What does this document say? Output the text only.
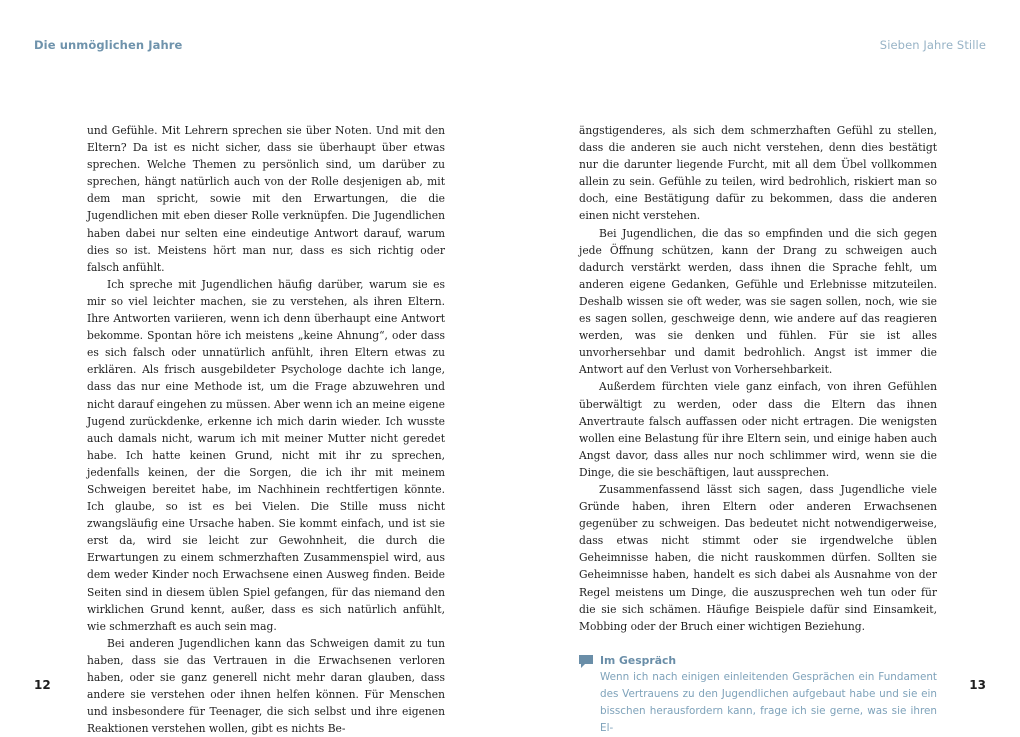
Die unmöglichen Jahre	Sieben Jahre Stille

und Gefühle. Mit Lehrern sprechen sie über Noten. Und mit den Eltern? Da ist es nicht sicher, dass sie überhaupt über etwas sprechen. Welche Themen zu persönlich sind, um darüber zu sprechen, hängt natürlich auch von der Rolle desjenigen ab, mit dem man spricht, sowie mit den Erwartungen, die die Jugendlichen mit eben dieser Rolle verknüpfen. Die Jugendlichen haben dabei nur selten eine eindeutige Antwort darauf, warum dies so ist. Meistens hört man nur, dass es sich richtig oder falsch anfühlt.

Ich spreche mit Jugendlichen häufig darüber, warum sie es mir so viel leichter machen, sie zu verstehen, als ihren Eltern. Ihre Antworten variieren, wenn ich denn überhaupt eine Antwort bekomme. Spontan höre ich meistens „keine Ahnung“, oder dass es sich falsch oder unnatürlich anfühlt, ihren Eltern etwas zu erklären. Als frisch ausgebildeter Psychologe dachte ich lange, dass das nur eine Methode ist, um die Frage abzuwehren und nicht darauf eingehen zu müssen. Aber wenn ich an meine eigene Jugend zurückdenke, erkenne ich mich darin wieder. Ich wusste auch damals nicht, warum ich mit meiner Mutter nicht geredet habe. Ich hatte keinen Grund, nicht mit ihr zu sprechen, jedenfalls keinen, der die Sorgen, die ich ihr mit meinem Schweigen bereitet habe, im Nachhinein rechtfertigen könnte. Ich glaube, so ist es bei Vielen. Die Stille muss nicht zwangsläufig eine Ursache haben. Sie kommt einfach, und ist sie erst da, wird sie leicht zur Gewohnheit, die durch die Erwartungen zu einem schmerzhaften Zusammenspiel wird, aus dem weder Kinder noch Erwachsene einen Ausweg finden. Beide Seiten sind in diesem üblen Spiel gefangen, für das niemand den wirklichen Grund kennt, außer, dass es sich natürlich anfühlt, wie schmerzhaft es auch sein mag.

Bei anderen Jugendlichen kann das Schweigen damit zu tun haben, dass sie das Vertrauen in die Erwachsenen verloren haben, oder sie ganz generell nicht mehr daran glauben, dass andere sie verstehen oder ihnen helfen können. Für Menschen und insbesondere für Teenager, die sich selbst und ihre eigenen Reaktionen verstehen wollen, gibt es nichts Be-

ängstigenderes, als sich dem schmerzhaften Gefühl zu stellen, dass die anderen sie auch nicht verstehen, denn dies bestätigt nur die darunter liegende Furcht, mit all dem Übel vollkommen allein zu sein. Gefühle zu teilen, wird bedrohlich, riskiert man so doch, eine Bestätigung dafür zu bekommen, dass die anderen einen nicht verstehen.

Bei Jugendlichen, die das so empfinden und die sich gegen jede Öffnung schützen, kann der Drang zu schweigen auch dadurch verstärkt werden, dass ihnen die Sprache fehlt, um anderen eigene Gedanken, Gefühle und Erlebnisse mitzuteilen. Deshalb wissen sie oft weder, was sie sagen sollen, noch, wie sie es sagen sollen, geschweige denn, wie andere auf das reagieren werden, was sie denken und fühlen. Für sie ist alles unvorhersehbar und damit bedrohlich. Angst ist immer die Antwort auf den Verlust von Vorhersehbarkeit.

Außerdem fürchten viele ganz einfach, von ihren Gefühlen überwältigt zu werden, oder dass die Eltern das ihnen Anvertraute falsch auffassen oder nicht ertragen. Die wenigsten wollen eine Belastung für ihre Eltern sein, und einige haben auch Angst davor, dass alles nur noch schlimmer wird, wenn sie die Dinge, die sie beschäftigen, laut aussprechen.

Zusammenfassend lässt sich sagen, dass Jugendliche viele Gründe haben, ihren Eltern oder anderen Erwachsenen gegenüber zu schweigen. Das bedeutet nicht notwendigerweise, dass etwas nicht stimmt oder sie irgendwelche üblen Geheimnisse haben, die nicht rauskommen dürfen. Sollten sie Geheimnisse haben, handelt es sich dabei als Ausnahme von der Regel meistens um Dinge, die auszusprechen weh tun oder für die sie sich schämen. Häufige Beispiele dafür sind Einsamkeit, Mobbing oder der Bruch einer wichtigen Beziehung.

Im Gespräch
Wenn ich nach einigen einleitenden Gesprächen ein Fundament des Vertrauens zu den Jugendlichen aufgebaut habe und sie ein bisschen herausfordern kann, frage ich sie gerne, was sie ihren El-
12	13
